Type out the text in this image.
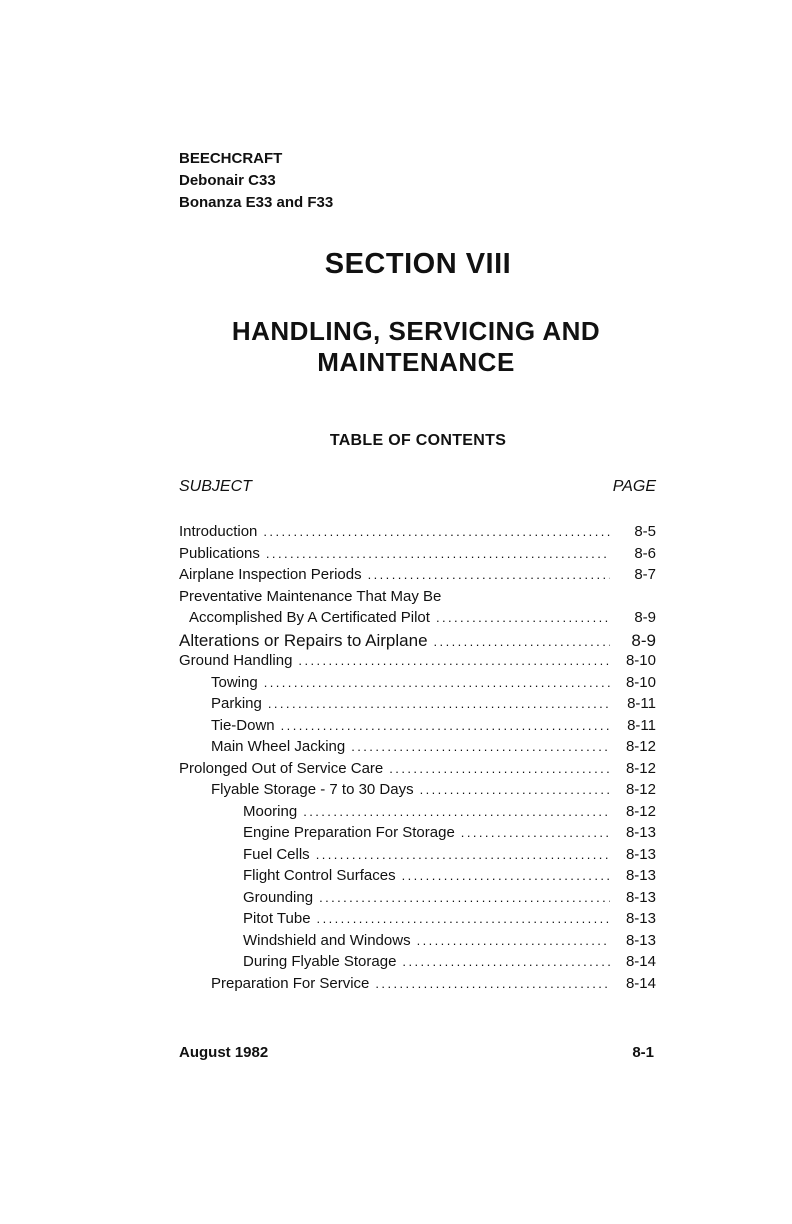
BEECHCRAFT
Debonair C33
Bonanza E33 and F33
SECTION VIII
HANDLING, SERVICING AND
MAINTENANCE
TABLE OF CONTENTS
SUBJECT	PAGE
Introduction . . .	8-5
Publications . . .	8-6
Airplane Inspection Periods . . .	8-7
Preventative Maintenance That May Be
Accomplished By A Certificated Pilot . . .	8-9
Alterations or Repairs to Airplane . . .	8-9
Ground Handling . . .	8-10
Towing . . .	8-10
Parking . . .	8-11
Tie-Down . . .	8-11
Main Wheel Jacking . . .	8-12
Prolonged Out of Service Care . . .	8-12
Flyable Storage - 7 to 30 Days . . .	8-12
Mooring . . .	8-12
Engine Preparation For Storage . . .	8-13
Fuel Cells . . .	8-13
Flight Control Surfaces . . .	8-13
Grounding . . .	8-13
Pitot Tube . . .	8-13
Windshield and Windows . . .	8-13
During Flyable Storage . . .	8-14
Preparation For Service . . .	8-14
August 1982	8-1
